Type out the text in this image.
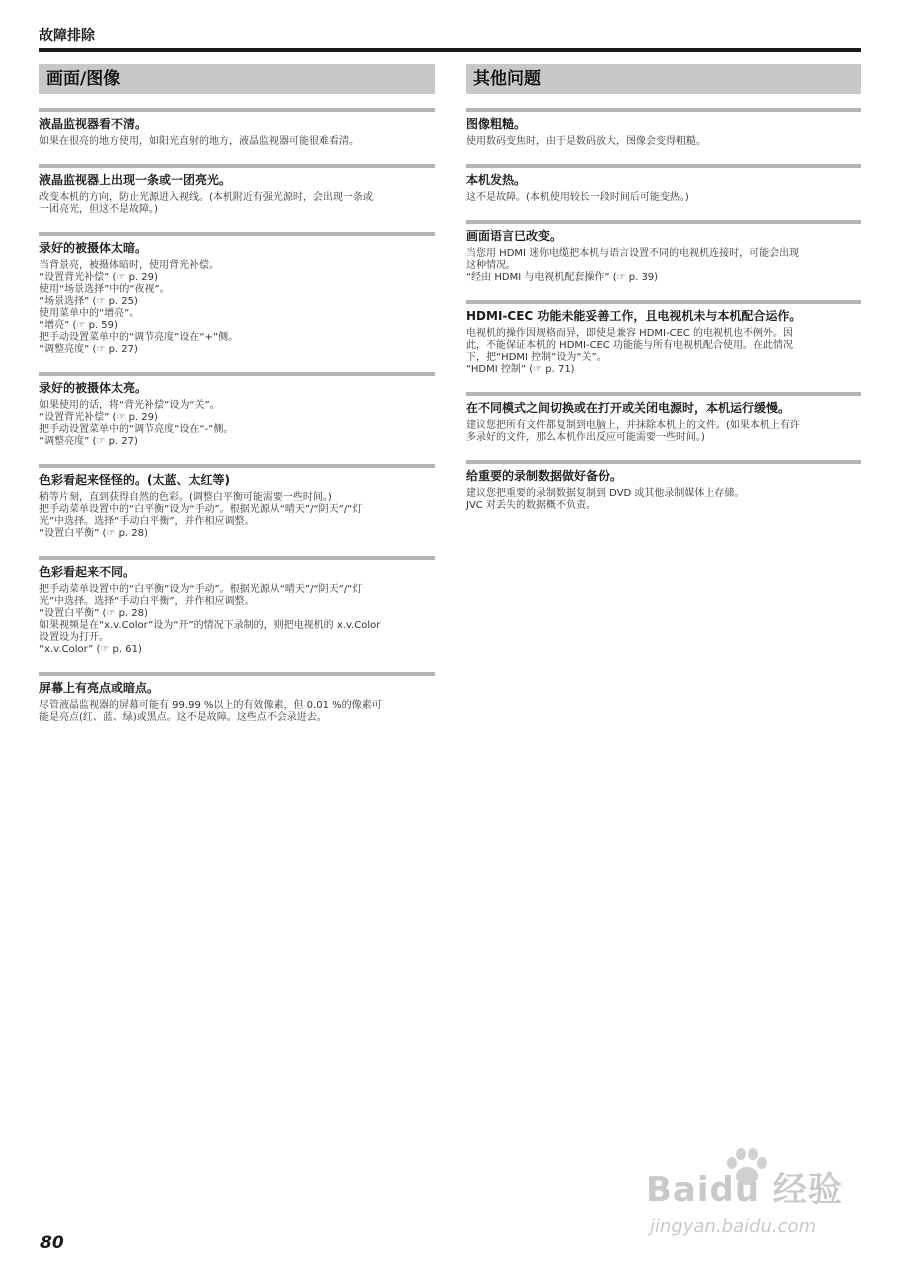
故障排除
画面/图像
液晶监视器看不清。
如果在很亮的地方使用，如阳光直射的地方，液晶监视器可能很难看清。
液晶监视器上出现一条或一团亮光。
改变本机的方向，防止光源进入视线。(本机附近有强光源时，会出现一条或
一团亮光，但这不是故障。)
录好的被摄体太暗。
当背景亮，被摄体暗时，使用背光补偿。
“设置背光补偿” (☞ p. 29)
使用“场景选择”中的“夜视”。
“场景选择” (☞ p. 25)
使用菜单中的“增亮”。
“增亮” (☞ p. 59)
把手动设置菜单中的“调节亮度”设在“+”侧。
“调整亮度” (☞ p. 27)
录好的被摄体太亮。
如果使用的话，将“背光补偿”设为“关”。
“设置背光补偿” (☞ p. 29)
把手动设置菜单中的“调节亮度”设在“-”侧。
“调整亮度” (☞ p. 27)
色彩看起来怪怪的。(太蓝、太红等)
稍等片刻，直到获得自然的色彩。(调整白平衡可能需要一些时间。)
把手动菜单设置中的“白平衡”设为“手动”。根据光源从“晴天”/“阴天”/“灯
光”中选择。选择“手动白平衡”，并作相应调整。
“设置白平衡” (☞ p. 28)
色彩看起来不同。
把手动菜单设置中的“白平衡”设为“手动”。根据光源从“晴天”/“阴天”/“灯
光”中选择。选择“手动白平衡”，并作相应调整。
“设置白平衡” (☞ p. 28)
如果视频是在“x.v.Color”设为“开”的情况下录制的，则把电视机的 x.v.Color
设置设为打开。
“x.v.Color” (☞ p. 61)
屏幕上有亮点或暗点。
尽管液晶监视器的屏幕可能有 99.99 %以上的有效像素，但 0.01 %的像素可
能是亮点(红、蓝、绿)或黑点。这不是故障。这些点不会录进去。
其他问题
图像粗糙。
使用数码变焦时，由于是数码放大，图像会变得粗糙。
本机发热。
这不是故障。(本机使用较长一段时间后可能变热。)
画面语言已改变。
当您用 HDMI 迷你电缆把本机与语言设置不同的电视机连接时，可能会出现
这种情况。
“经由 HDMI 与电视机配套操作” (☞ p. 39)
HDMI-CEC 功能未能妥善工作，且电视机未与本机配合运作。
电视机的操作因规格而异，即使是兼容 HDMI-CEC 的电视机也不例外。因
此，不能保证本机的 HDMI-CEC 功能能与所有电视机配合使用。在此情况
下，把“HDMI 控制”设为“关”。
“HDMI 控制” (☞ p. 71)
在不同模式之间切换或在打开或关闭电源时，本机运行缓慢。
建议您把所有文件都复制到电脑上，并抹除本机上的文件。(如果本机上有许
多录好的文件，那么本机作出反应可能需要一些时间。)
给重要的录制数据做好备份。
建议您把重要的录制数据复制到 DVD 或其他录制媒体上存储。
JVC 对丢失的数据概不负责。
80
Baidu 经验
jingyan.baidu.com
